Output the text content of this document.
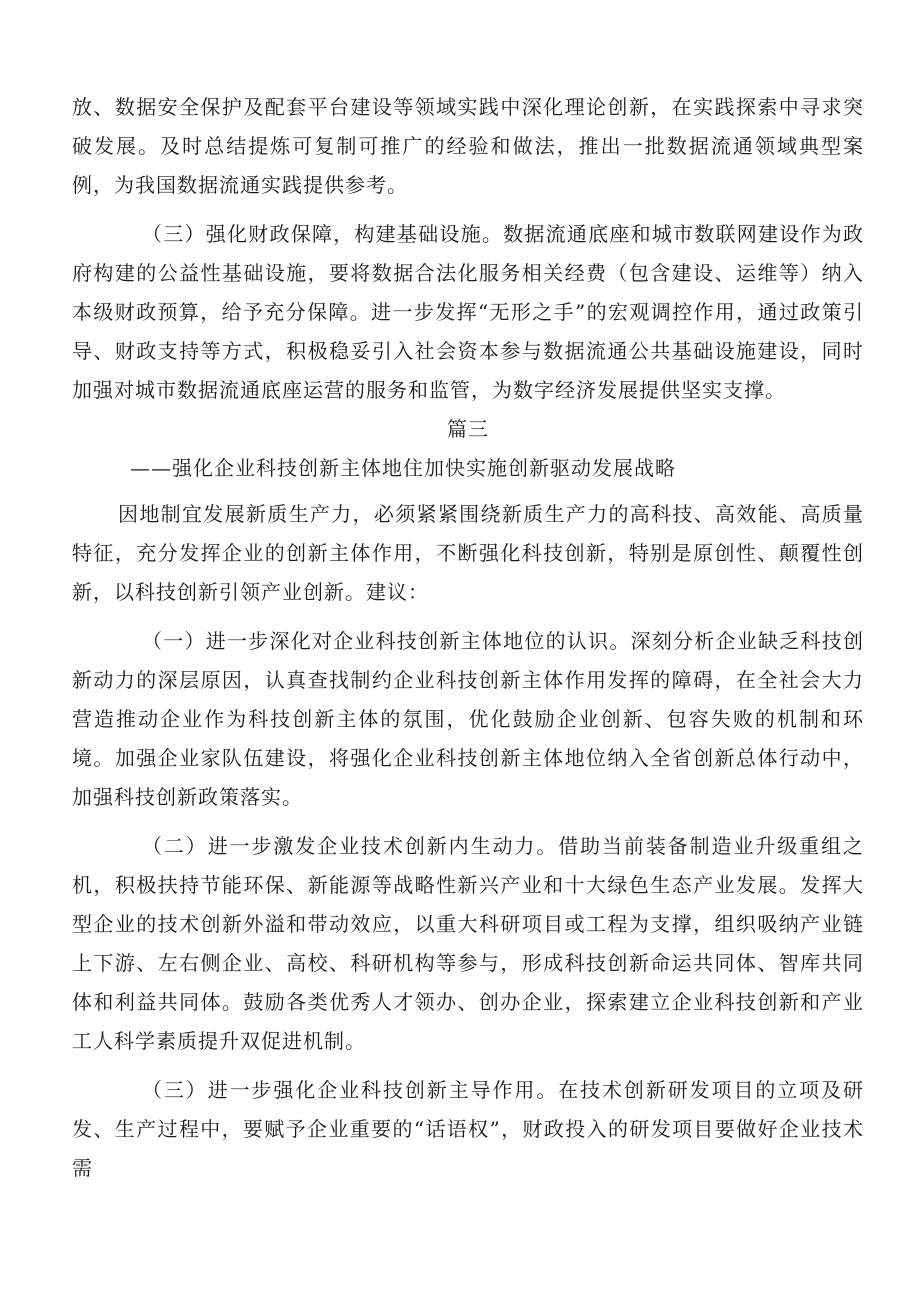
放、数据安全保护及配套平台建设等领域实践中深化理论创新，在实践探索中寻求突破发展。及时总结提炼可复制可推广的经验和做法，推出一批数据流通领域典型案例，为我国数据流通实践提供参考。

（三）强化财政保障，构建基础设施。数据流通底座和城市数联网建设作为政府构建的公益性基础设施，要将数据合法化服务相关经费（包含建设、运维等）纳入本级财政预算，给予充分保障。进一步发挥“无形之手”的宏观调控作用，通过政策引导、财政支持等方式，积极稳妥引入社会资本参与数据流通公共基础设施建设，同时加强对城市数据流通底座运营的服务和监管，为数字经济发展提供坚实支撑。

篇三

——强化企业科技创新主体地住加快实施创新驱动发展战略

因地制宜发展新质生产力，必须紧紧围绕新质生产力的高科技、高效能、高质量特征，充分发挥企业的创新主体作用，不断强化科技创新，特别是原创性、颠覆性创新，以科技创新引领产业创新。建议：

（一）进一步深化对企业科技创新主体地位的认识。深刻分析企业缺乏科技创新动力的深层原因，认真查找制约企业科技创新主体作用发挥的障碍，在全社会大力营造推动企业作为科技创新主体的氛围，优化鼓励企业创新、包容失败的机制和环境。加强企业家队伍建设，将强化企业科技创新主体地位纳入全省创新总体行动中，加强科技创新政策落实。

（二）进一步激发企业技术创新内生动力。借助当前装备制造业升级重组之机，积极扶持节能环保、新能源等战略性新兴产业和十大绿色生态产业发展。发挥大型企业的技术创新外溢和带动效应，以重大科研项目或工程为支撑，组织吸纳产业链上下游、左右侧企业、高校、科研机构等参与，形成科技创新命运共同体、智库共同体和利益共同体。鼓励各类优秀人才领办、创办企业，探索建立企业科技创新和产业工人科学素质提升双促进机制。

（三）进一步强化企业科技创新主导作用。在技术创新研发项目的立项及研发、生产过程中，要赋予企业重要的“话语权”，财政投入的研发项目要做好企业技术需
